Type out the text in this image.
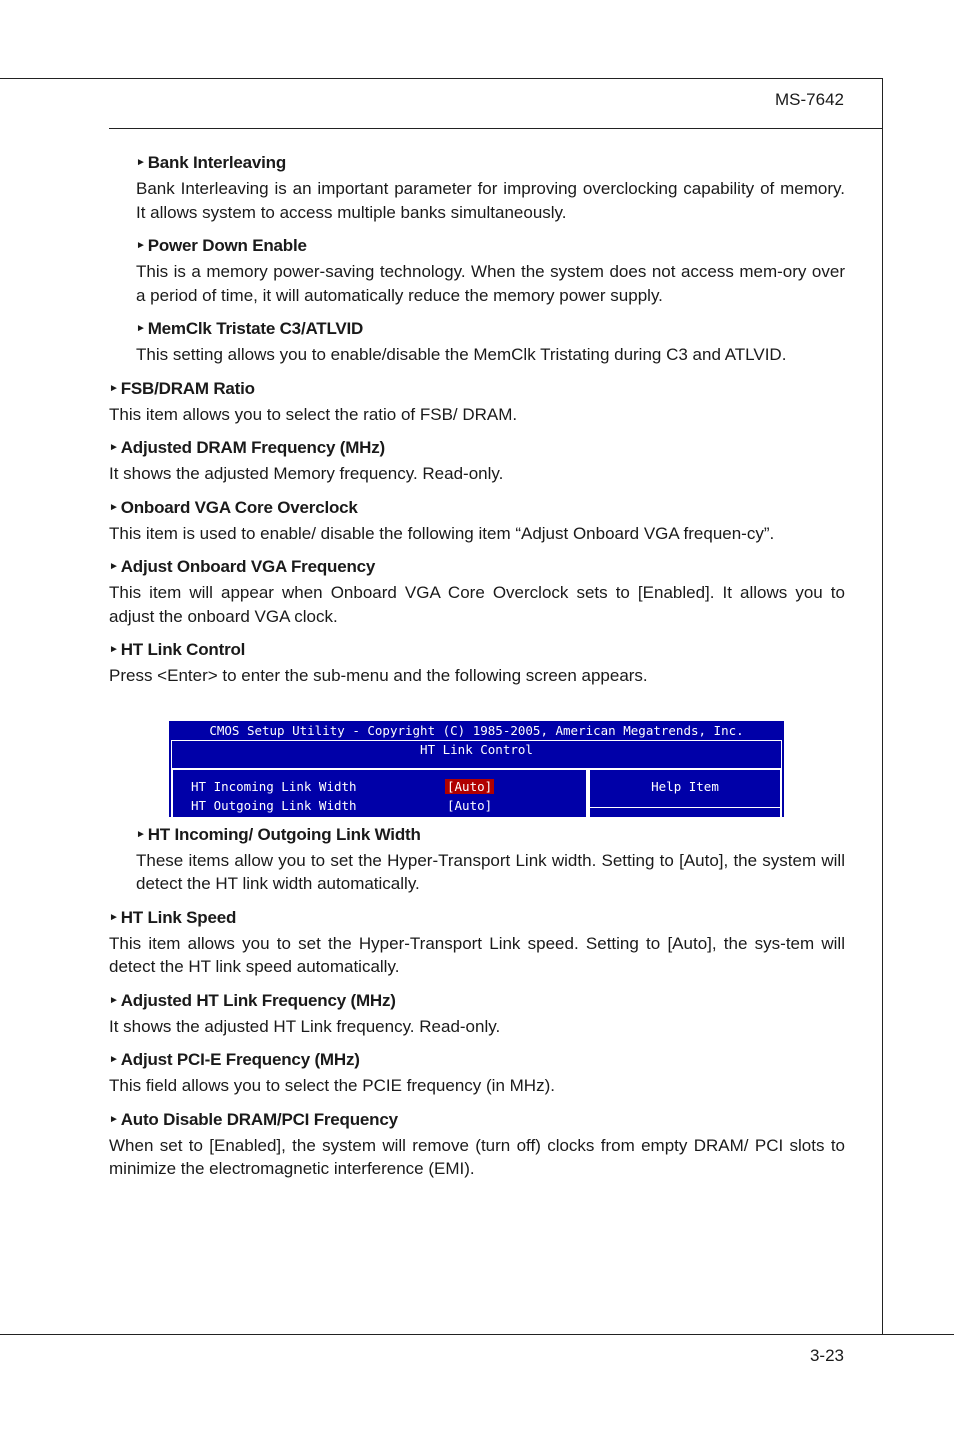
MS-7642
► Bank Interleaving
Bank Interleaving is an important parameter for improving overclocking capability of memory. It allows system to access multiple banks simultaneously.
► Power Down Enable
This is a memory power-saving technology. When the system does not access mem-ory over a period of time, it will automatically reduce the memory power supply.
► MemClk Tristate C3/ATLVID
This setting allows you to enable/disable the MemClk Tristating during C3 and ATLVID.
► FSB/DRAM Ratio
This item allows you to select the ratio of FSB/ DRAM.
► Adjusted DRAM Frequency (MHz)
It shows the adjusted Memory frequency. Read-only.
► Onboard VGA Core Overclock
This item is used to enable/ disable the following item “Adjust Onboard VGA frequen-cy”.
► Adjust Onboard VGA Frequency
This item will appear when Onboard VGA Core Overclock sets to [Enabled]. It allows you to adjust the onboard VGA clock.
► HT Link Control
Press <Enter> to enter the sub-menu and the following screen appears.
CMOS Setup Utility - Copyright (C) 1985-2005, American Megatrends, Inc.
HT Link Control
Help Item
HT Incoming Link Width	[Auto]
HT Outgoing Link Width	[Auto]
► HT Incoming/ Outgoing Link Width
These items allow you to set the Hyper-Transport Link width. Setting to [Auto], the system will detect the HT link width automatically.
► HT Link Speed
This item allows you to set the Hyper-Transport Link speed. Setting to [Auto], the sys-tem will detect the HT link speed automatically.
► Adjusted HT Link Frequency (MHz)
It shows the adjusted HT Link frequency. Read-only.
► Adjust PCI-E Frequency (MHz)
This field allows you to select the PCIE frequency (in MHz).
► Auto Disable DRAM/PCI Frequency
When set to [Enabled], the system will remove (turn off) clocks from empty DRAM/ PCI slots to minimize the electromagnetic interference (EMI).
3-23
